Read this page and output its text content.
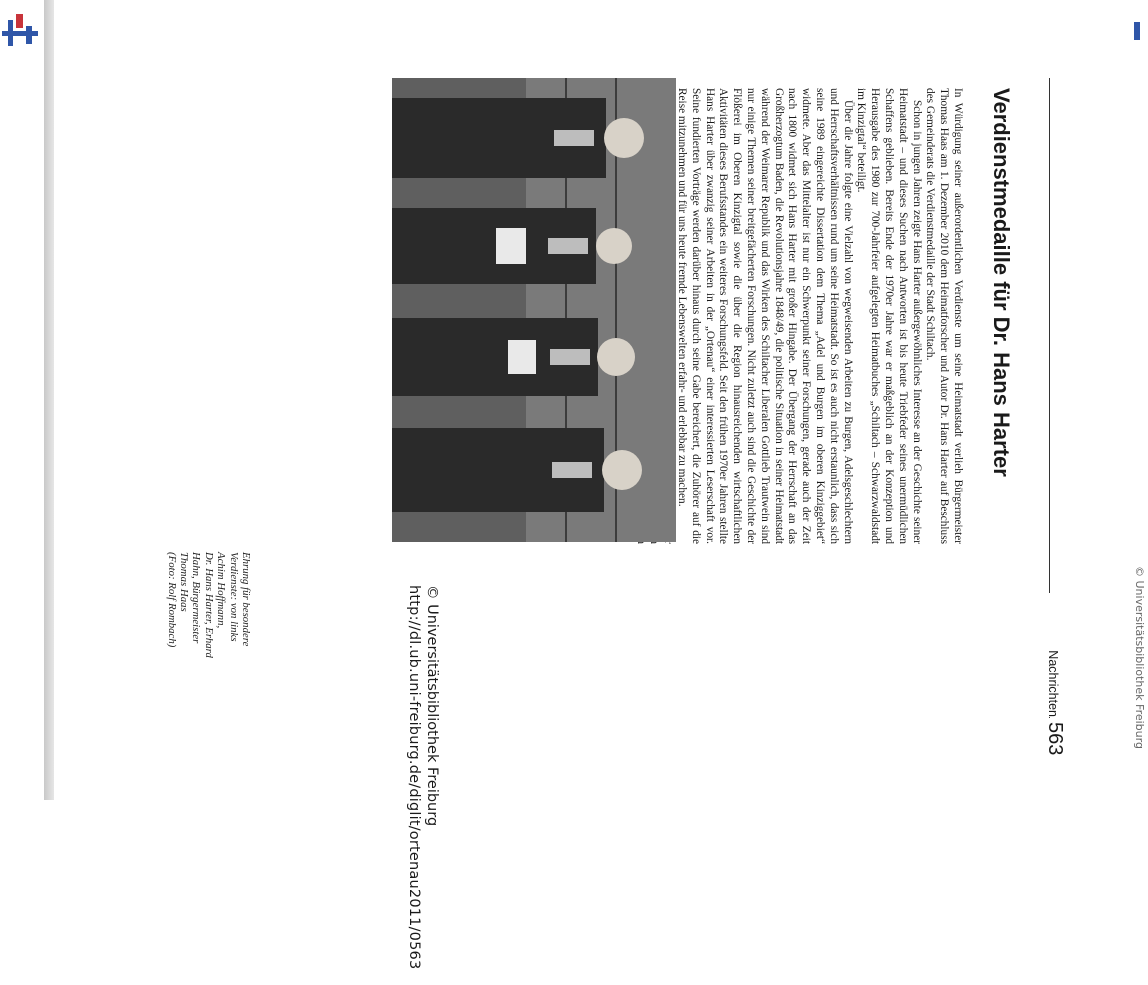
http://dl.ub.uni-freiburg.de/diglit/ortenau2011/0563 © Universitätsbibliothek Freiburg	© Universitätsbibliothek Freiburg
Nachrichten
563
Verdienstmedaille für Dr. Hans Harter

In Würdigung seiner außerordentlichen Verdienste um seine Heimatstadt verlieh Bürgermeister Thomas Haas am 1. Dezember 2010 dem Heimatforscher und Autor Dr. Hans Harter auf Beschluss des Gemeinderats die Verdienstmedaille der Stadt Schiltach.

Schon in jungen Jahren zeigte Hans Harter außergewöhnliches Interesse an der Geschichte seiner Heimatstadt – und dieses Suchen nach Antworten ist bis heute Triebfeder seines unermüdlichen Schaffens geblieben. Bereits Ende der 1970er Jahre war er maßgeblich an der Konzeption und Herausgabe des 1980 zur 700-Jahrfeier aufgelegten Heimatbuches „Schiltach – Schwarzwaldstadt im Kinzigtal“ beteiligt.

Über die Jahre folgte eine Vielzahl von wegweisenden Arbeiten zu Burgen, Adelsgeschlechtern und Herrschaftsverhältnissen rund um seine Heimatstadt. So ist es auch nicht erstaunlich, dass sich seine 1989 eingereichte Dissertation dem Thema „Adel und Burgen im oberen Kinziggebiet“ widmete. Aber das Mittelalter ist nur ein Schwerpunkt seiner Forschungen, gerade auch der Zeit nach 1800 widmet sich Hans Harter mit großer Hingabe. Der Übergang der Herrschaft an das Großherzogtum Baden, die Revolutionsjahre 1848/49, die politische Situation in seiner Heimatstadt während der Weimarer Republik und das Wirken des Schiltacher Liberalen Gottlieb Trautwein sind nur einige Themen seiner breitgefächerten Forschungen. Nicht zuletzt auch sind die Geschichte der Flößerei im Oberen Kinzigtal sowie die über die Region hinausreichenden wirtschaftlichen Aktivitäten dieses Berufsstandes ein weiteres Forschungsfeld. Seit den frühen 1970er Jahren stellte Hans Harter über zwanzig seiner Arbeiten in der „Ortenau“ einer interessierten Leserschaft vor. Seine fundierten Vorträge werden darüber hinaus durch seine Gabe bereichert, die Zuhörer auf die Reise mitzunehmen und für uns heute fremde Lebenswelten erfahr- und erlebbar zu machen.

Ehrung für besondere
Verdienste: von links
Achim Hoffmann,
Dr. Hans Harter, Erhard
Hahn, Bürgermeister
Thomas Haas
(Foto: Rolf Rombach)
